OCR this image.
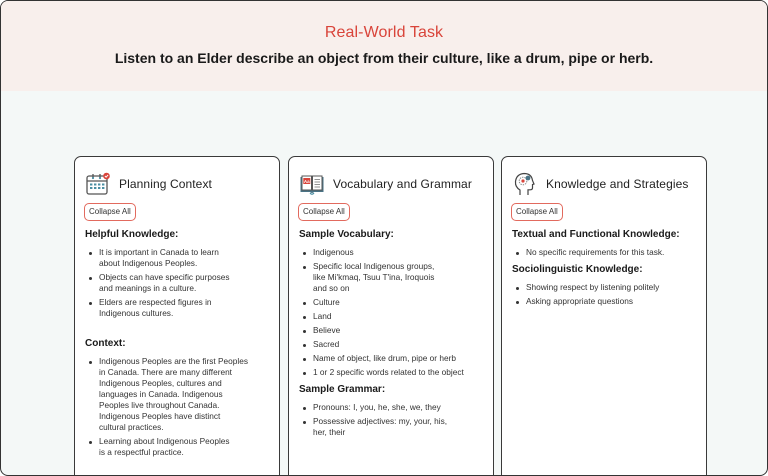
Real-World Task
Listen to an Elder describe an object from their culture, like a drum, pipe or herb.
Planning Context
Collapse All
Helpful Knowledge:
It is important in Canada to learn
about Indigenous Peoples.
Objects can have specific purposes
and meanings in a culture.
Elders are respected figures in
Indigenous cultures.
Context:
Indigenous Peoples are the first Peoples
in Canada. There are many different
Indigenous Peoples, cultures and
languages in Canada. Indigenous
Peoples live throughout Canada.
Indigenous Peoples have distinct
cultural practices.
Learning about Indigenous Peoples
is a respectful practice.
Aa Vocabulary and Grammar
Collapse All
Sample Vocabulary:
Indigenous
Specific local Indigenous groups,
like Mi'kmaq, Tsuu T'ina, Iroquois
and so on
Culture
Land
Believe
Sacred
Name of object, like drum, pipe or herb
1 or 2 specific words related to the object
Sample Grammar:
Pronouns: I, you, he, she, we, they
Possessive adjectives: my, your, his,
her, their
Knowledge and Strategies
Collapse All
Textual and Functional Knowledge:
No specific requirements for this task.
Sociolinguistic Knowledge:
Showing respect by listening politely
Asking appropriate questions
